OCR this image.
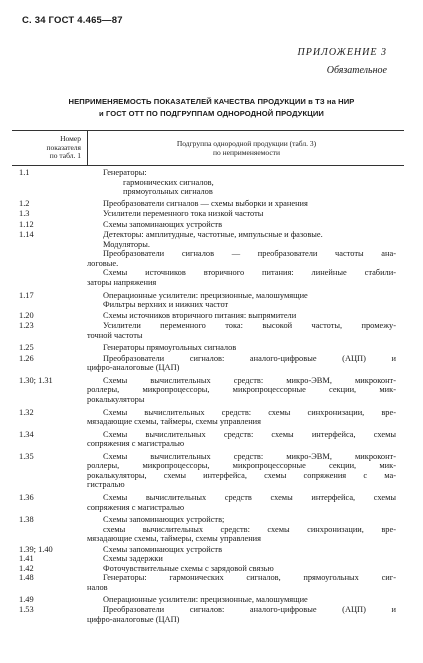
С. 34 ГОСТ 4.465—87
ПРИЛОЖЕНИЕ 3
Обязательное
НЕПРИМЕНЯЕМОСТЬ ПОКАЗАТЕЛЕЙ КАЧЕСТВА ПРОДУКЦИИ в ТЗ на НИР
и ГОСТ ОТТ ПО ПОДГРУППАМ ОДНОРОДНОЙ ПРОДУКЦИИ
Номер
показателя
по табл. 1
Подгруппа однородной продукции (табл. 3)
по неприменяемости
1.1	Генераторы:

гармонических сигналов,

прямоугольных сигналов

1.2	Преобразователи сигналов — схемы выборки и хранения

1.3	Усилители переменного тока низкой частоты

1.12	Схемы запоминающих устройств

1.14	Детекторы: амплитудные, частотные, импульсные и фазовые.

Модуляторы.

Преобразователи сигналов — преобразователи частоты ана-

логовые.

Схемы источников вторичного питания: линейные стабили-

заторы напряжения

1.17	Операционные усилители: прецизионные, малошумящие

Фильтры верхних и нижних частот

1.20	Схемы источников вторичного питания: выпрямители

1.23	Усилители переменного тока: высокой частоты, промежу-

точной частоты

1.25	Генераторы прямоугольных сигналов

1.26	Преобразователи сигналов: аналого-цифровые (АЦП) и

цифро-аналоговые (ЦАП)

1.30; 1.31	Схемы вычислительных средств: микро-ЭВМ, микроконт-

роллеры, микропроцессоры, микропроцессорные секции, мик-

рокалькуляторы

1.32	Схемы вычислительных средств: схемы синхронизации, вре-

мязадающие схемы, таймеры, схемы управления

1.34	Схемы вычислительных средств: схемы интерфейса, схемы

сопряжения с магистралью

1.35	Схемы вычислительных средств: микро-ЭВМ, микроконт-

роллеры, микропроцессоры, микропроцессорные секции, мик-

рокалькуляторы, схемы интерфейса, схемы сопряжения с ма-

гистралью

1.36	Схемы вычислительных средств схемы интерфейса, схемы

сопряжения с магистралью

1.38	Схемы запоминающих устройств;

схемы вычислительных средств: схемы синхронизации, вре-

мязадающие схемы, таймеры, схемы управления

1.39; 1.40	Схемы запоминающих устройств

1.41	Схемы задержки

1.42	Фоточувствительные схемы с зарядовой связью

1.48	Генераторы: гармонических сигналов, прямоугольных сиг-

налов

1.49	Операционные усилители: прецизионные, малошумящие

1.53	Преобразователи сигналов: аналого-цифровые (АЦП) и

цифро-аналоговые (ЦАП)
